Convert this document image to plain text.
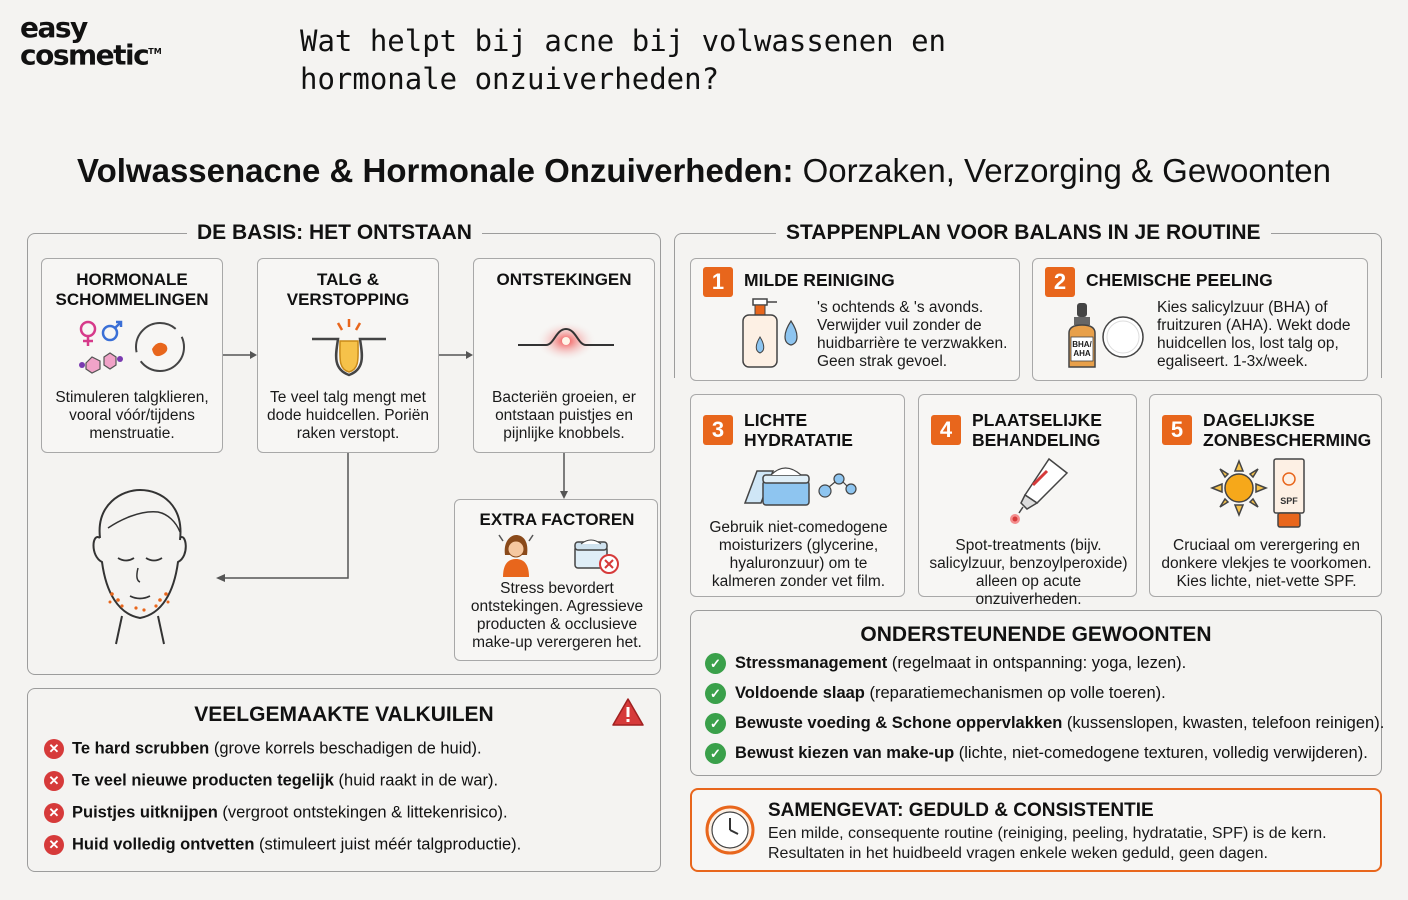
easy
cosmetic™	Wat helpt bij acne bij volwassenen en hormonale onzuiverheden?
Volwassenacne & Hormonale Onzuiverheden: Oorzaken, Verzorging & Gewoonten
DE BASIS: HET ONTSTAAN
HORMONALE SCHOMMELINGEN
Stimuleren talgklieren, vooral vóór/tijdens menstruatie.
TALG & VERSTOPPING
Te veel talg mengt met dode huidcellen. Poriën raken verstopt.
ONTSTEKINGEN
Bacteriën groeien, er ontstaan puistjes en pijnlijke knobbels.
EXTRA FACTOREN
Stress bevordert ontstekingen. Agressieve producten & occlusieve make-up verergeren het.
STAPPENPLAN VOOR BALANS IN JE ROUTINE
1	MILDE REINIGING
's ochtends & 's avonds. Verwijder vuil zonder de huidbarrière te verzwakken. Geen strak gevoel.
2	CHEMISCHE PEELING
BHA/ AHA
Kies salicylzuur (BHA) of fruitzuren (AHA). Wekt dode huidcellen los, lost talg op, egaliseert. 1-3x/week.
3	LICHTE HYDRATATIE
Gebruik niet-comedogene moisturizers (glycerine, hyaluronzuur) om te kalmeren zonder vet film.
4	PLAATSELIJKE BEHANDELING
Spot-treatments (bijv. salicylzuur, benzoylperoxide) alleen op acute onzuiverheden.
5	DAGELIJKSE ZONBESCHERMING
SPF
Cruciaal om verergering en donkere vlekjes te voorkomen. Kies lichte, niet-vette SPF.
VEELGEMAAKTE VALKUILEN
✕ Te hard scrubben (grove korrels beschadigen de huid).
✕ Te veel nieuwe producten tegelijk (huid raakt in de war).
✕ Puistjes uitknijpen (vergroot ontstekingen & littekenrisico).
✕ Huid volledig ontvetten (stimuleert juist méér talgproductie).
ONDERSTEUNENDE GEWOONTEN
✓ Stressmanagement (regelmaat in ontspanning: yoga, lezen).
✓ Voldoende slaap (reparatiemechanismen op volle toeren).
✓ Bewuste voeding & Schone oppervlakken (kussenslopen, kwasten, telefoon reinigen).
✓ Bewust kiezen van make-up (lichte, niet-comedogene texturen, volledig verwijderen).
SAMENGEVAT: GEDULD & CONSISTENTIE
Een milde, consequente routine (reiniging, peeling, hydratatie, SPF) is de kern.
Resultaten in het huidbeeld vragen enkele weken geduld, geen dagen.
